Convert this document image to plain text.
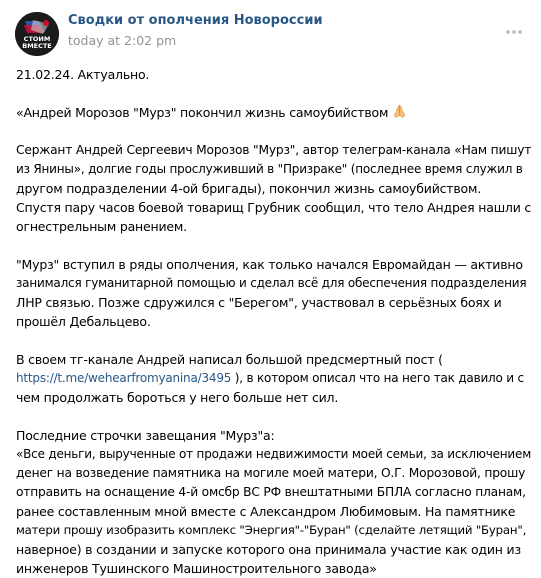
СТОИМ
ВМЕСТЕ
Сводки от ополчения Новороссии
today at 2:02 pm
21.02.24. Актуально.
«Андрей Морозов "Мурз" покончил жизнь самоубийством
Сержант Андрей Сергеевич Морозов "Мурз", автор телеграм-канала «Нам пишут
из Янины», долгие годы прослуживший в "Призраке" (последнее время служил в
другом подразделении 4-ой бригады), покончил жизнь самоубийством.
Спустя пару часов боевой товарищ Грубник сообщил, что тело Андрея нашли с
огнестрельным ранением.
"Мурз" вступил в ряды ополчения, как только начался Евромайдан — активно
занимался гуманитарной помощью и сделал всё для обеспечения подразделения
ЛНР связью. Позже сдружился с "Берегом", участвовал в серьёзных боях и
прошёл Дебальцево.
В своем тг-канале Андрей написал большой предсмертный пост (
https://t.me/wehearfromyanina/3495 ), в котором описал что на него так давило и с
чем продолжать бороться у него больше нет сил.
Последние строчки завещания "Мурз"а:
«Все деньги, вырученные от продажи недвижимости моей семьи, за исключением
денег на возведение памятника на могиле моей матери, О.Г. Морозовой, прошу
отправить на оснащение 4-й омсбр ВС РФ внештатными БПЛА согласно планам,
ранее составленным мной вместе с Александром Любимовым. На памятнике
матери прошу изобразить комплекс "Энергия"-"Буран" (сделайте летящий "Буран",
наверное) в создании и запуске которого она принимала участие как один из
инженеров Тушинского Машиностроительного завода»
